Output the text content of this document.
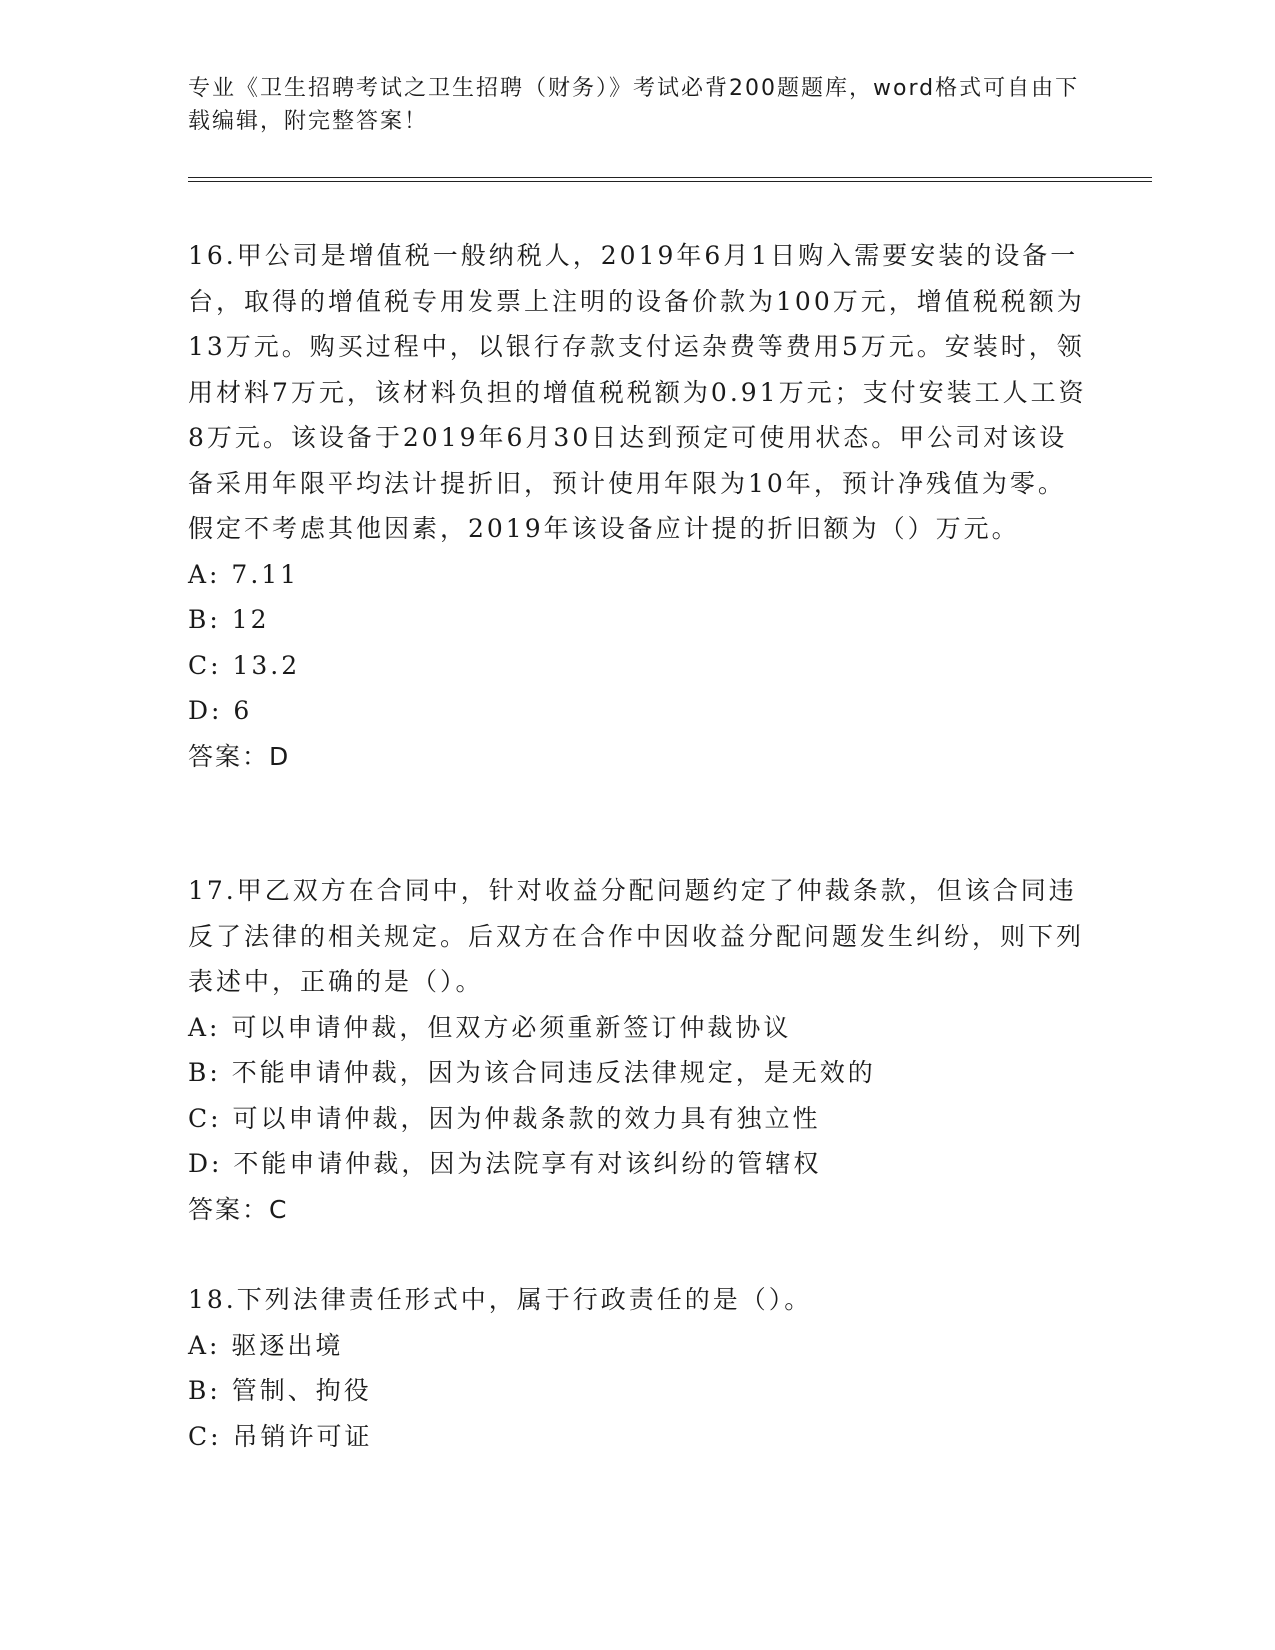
专业《卫生招聘考试之卫生招聘（财务）》考试必背200题题库，word格式可自由下载编辑，附完整答案！
16.甲公司是增值税一般纳税人，2019年6月1日购入需要安装的设备一台，取得的增值税专用发票上注明的设备价款为100万元，增值税税额为13万元。购买过程中，以银行存款支付运杂费等费用5万元。安装时，领用材料7万元，该材料负担的增值税税额为0.91万元；支付安装工人工资8万元。该设备于2019年6月30日达到预定可使用状态。甲公司对该设备采用年限平均法计提折旧，预计使用年限为10年，预计净残值为零。假定不考虑其他因素，2019年该设备应计提的折旧额为（）万元。
A: 7.11
B: 12
C: 13.2
D: 6
答案：D
17.甲乙双方在合同中，针对收益分配问题约定了仲裁条款，但该合同违反了法律的相关规定。后双方在合作中因收益分配问题发生纠纷，则下列表述中，正确的是（）。
A: 可以申请仲裁，但双方必须重新签订仲裁协议
B: 不能申请仲裁，因为该合同违反法律规定，是无效的
C: 可以申请仲裁，因为仲裁条款的效力具有独立性
D: 不能申请仲裁，因为法院享有对该纠纷的管辖权
答案：C
18.下列法律责任形式中，属于行政责任的是（）。
A: 驱逐出境
B: 管制、拘役
C: 吊销许可证
